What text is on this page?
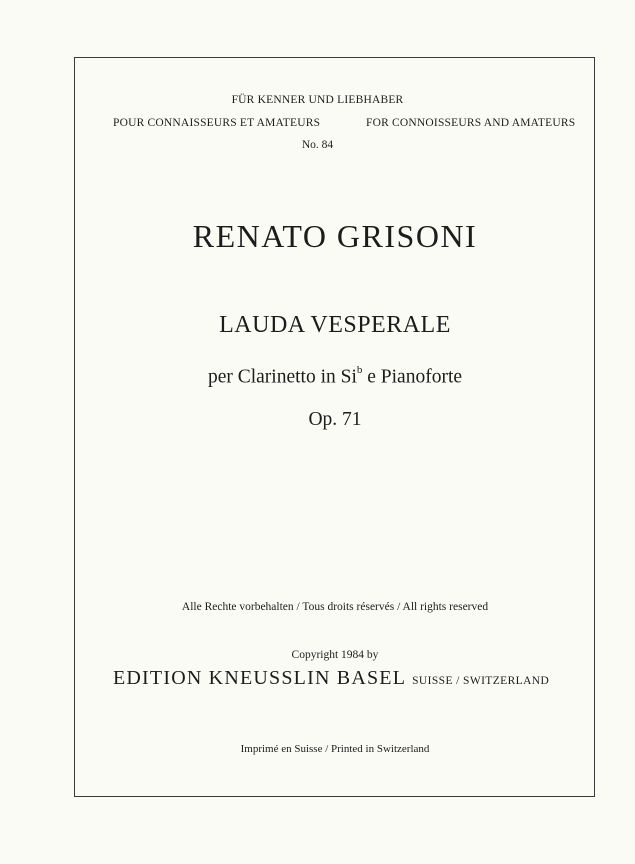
FÜR KENNER UND LIEBHABER
POUR CONNAISSEURS ET AMATEURS	FOR CONNOISSEURS AND AMATEURS
No. 84
RENATO GRISONI
LAUDA VESPERALE
per Clarinetto in Si$^b$ e Pianoforte
Op. 71
Alle Rechte vorbehalten / Tous droits réservés / All rights reserved
Copyright 1984 by
EDITION KNEUSSLIN BASEL SUISSE / SWITZERLAND
Imprimé en Suisse / Printed in Switzerland
